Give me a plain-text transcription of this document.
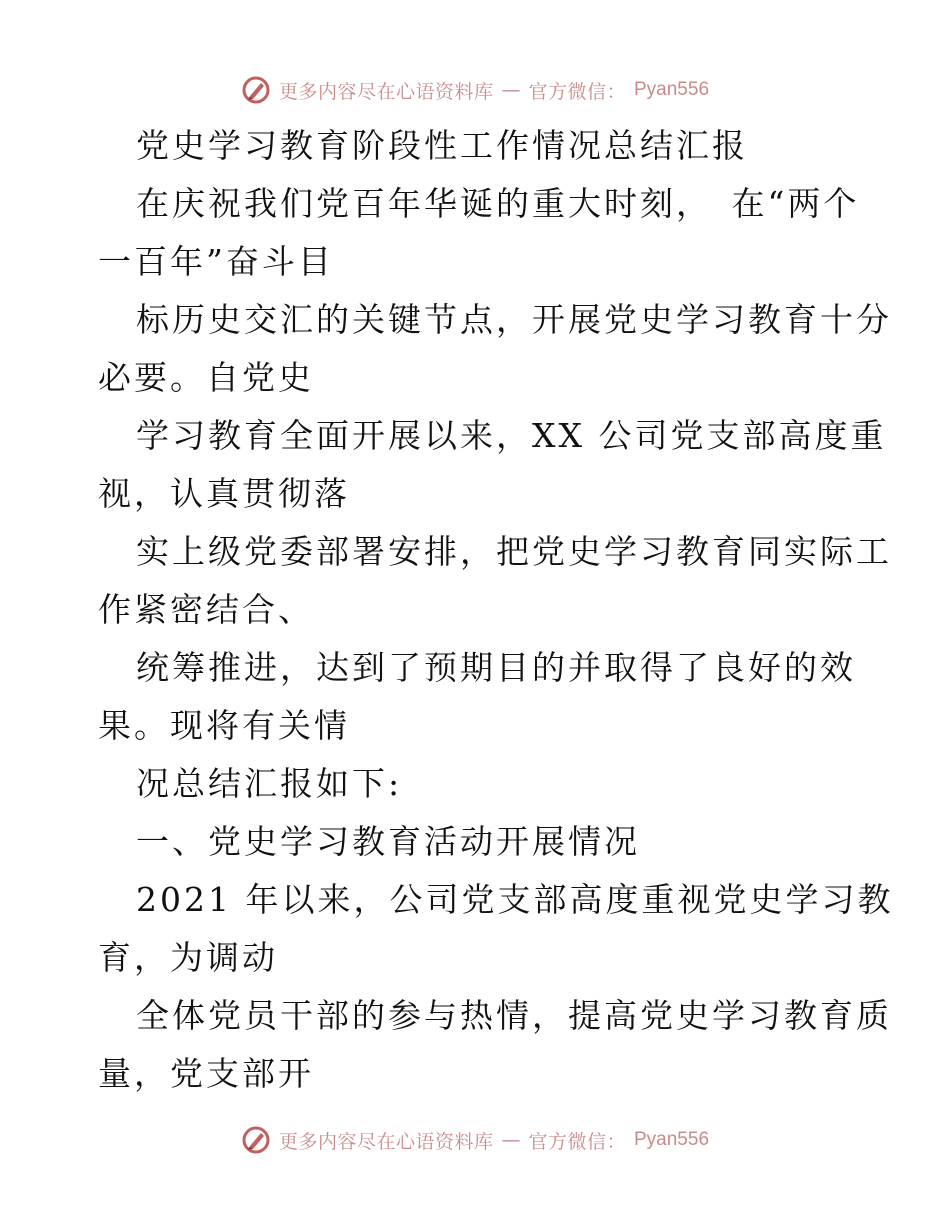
更多内容尽在心语资料库 — 官方微信： Pyan556
党史学习教育阶段性工作情况总结汇报
在庆祝我们党百年华诞的重大时刻，　在“两个
一百年”奋斗目
标历史交汇的关键节点，开展党史学习教育十分
必要。自党史
学习教育全面开展以来，XX 公司党支部高度重
视，认真贯彻落
实上级党委部署安排，把党史学习教育同实际工
作紧密结合、
统筹推进，达到了预期目的并取得了良好的效
果。现将有关情
况总结汇报如下:
一、党史学习教育活动开展情况
2021 年以来，公司党支部高度重视党史学习教
育，为调动
全体党员干部的参与热情，提高党史学习教育质
量，党支部开
更多内容尽在心语资料库 — 官方微信： Pyan556
